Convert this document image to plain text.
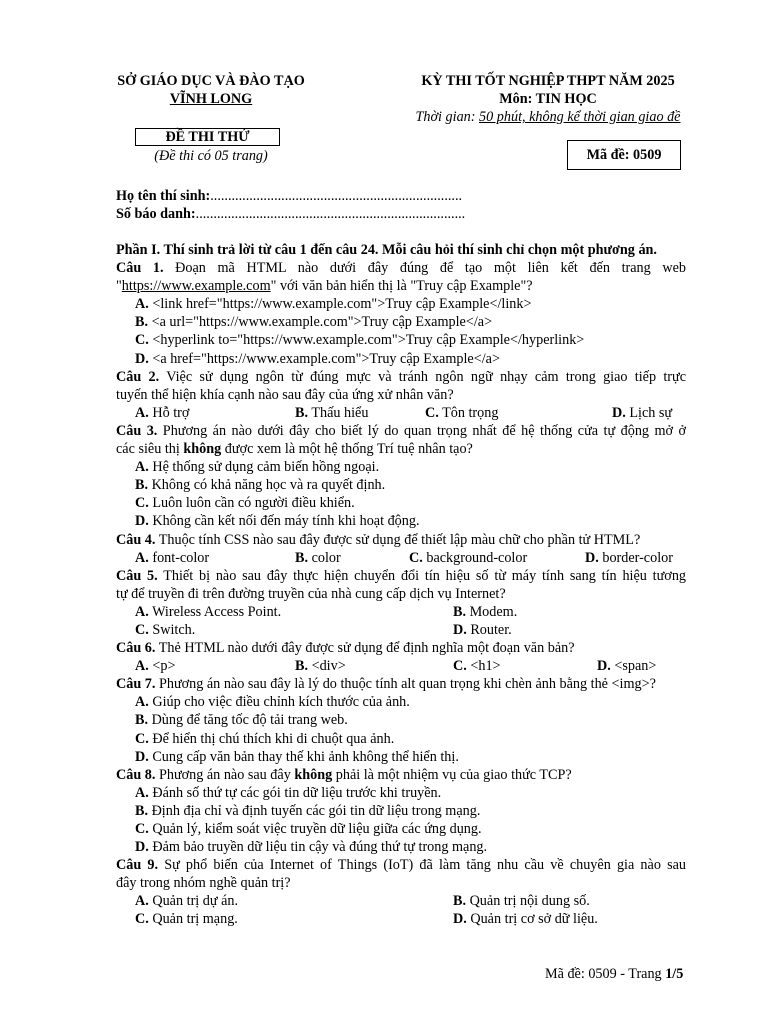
SỞ GIÁO DỤC VÀ ĐÀO TẠO
VĨNH LONG
KỲ THI TỐT NGHIỆP THPT NĂM 2025
Môn: TIN HỌC
Thời gian: 50 phút, không kể thời gian giao đề
ĐỀ THI THỬ
(Đề thi có 05 trang)	Mã đề: 0509
Họ tên thí sinh:.......................................................................
Số báo danh:............................................................................
Phần I. Thí sinh trả lời từ câu 1 đến câu 24. Mỗi câu hỏi thí sinh chỉ chọn một phương án.
Câu 1. Đoạn mã HTML nào dưới đây đúng để tạo một liên kết đến trang web
"https://www.example.com" với văn bản hiển thị là "Truy cập Example"?
A. <link href="https://www.example.com">Truy cập Example</link>
B. <a url="https://www.example.com">Truy cập Example</a>
C. <hyperlink to="https://www.example.com">Truy cập Example</hyperlink>
D. <a href="https://www.example.com">Truy cập Example</a>
Câu 2. Việc sử dụng ngôn từ đúng mực và tránh ngôn ngữ nhạy cảm trong giao tiếp trực
tuyến thể hiện khía cạnh nào sau đây của ứng xử nhân văn?
A. Hỗ trợ	B. Thấu hiểu	C. Tôn trọng	D. Lịch sự
Câu 3. Phương án nào dưới đây cho biết lý do quan trọng nhất để hệ thống cửa tự động mở ở
các siêu thị không được xem là một hệ thống Trí tuệ nhân tạo?
A. Hệ thống sử dụng cảm biến hồng ngoại.
B. Không có khả năng học và ra quyết định.
C. Luôn luôn cần có người điều khiển.
D. Không cần kết nối đến máy tính khi hoạt động.
Câu 4. Thuộc tính CSS nào sau đây được sử dụng để thiết lập màu chữ cho phần tử HTML?
A. font-color	B. color	C. background-color	D. border-color
Câu 5. Thiết bị nào sau đây thực hiện chuyển đổi tín hiệu số từ máy tính sang tín hiệu tương
tự để truyền đi trên đường truyền của nhà cung cấp dịch vụ Internet?
A. Wireless Access Point.	B. Modem.
C. Switch.	D. Router.
Câu 6. Thẻ HTML nào dưới đây được sử dụng để định nghĩa một đoạn văn bản?
A. <p>	B. <div>	C. <h1>	D. <span>
Câu 7. Phương án nào sau đây là lý do thuộc tính alt quan trọng khi chèn ảnh bằng thẻ <img>?
A. Giúp cho việc điều chỉnh kích thước của ảnh.
B. Dùng để tăng tốc độ tải trang web.
C. Để hiển thị chú thích khi di chuột qua ảnh.
D. Cung cấp văn bản thay thế khi ảnh không thể hiển thị.
Câu 8. Phương án nào sau đây không phải là một nhiệm vụ của giao thức TCP?
A. Đánh số thứ tự các gói tin dữ liệu trước khi truyền.
B. Định địa chỉ và định tuyến các gói tin dữ liệu trong mạng.
C. Quản lý, kiểm soát việc truyền dữ liệu giữa các ứng dụng.
D. Đảm bảo truyền dữ liệu tin cậy và đúng thứ tự trong mạng.
Câu 9. Sự phổ biến của Internet of Things (IoT) đã làm tăng nhu cầu về chuyên gia nào sau
đây trong nhóm nghề quản trị?
A. Quản trị dự án.	B. Quản trị nội dung số.
C. Quản trị mạng.	D. Quản trị cơ sở dữ liệu.
Mã đề: 0509 - Trang 1/5
